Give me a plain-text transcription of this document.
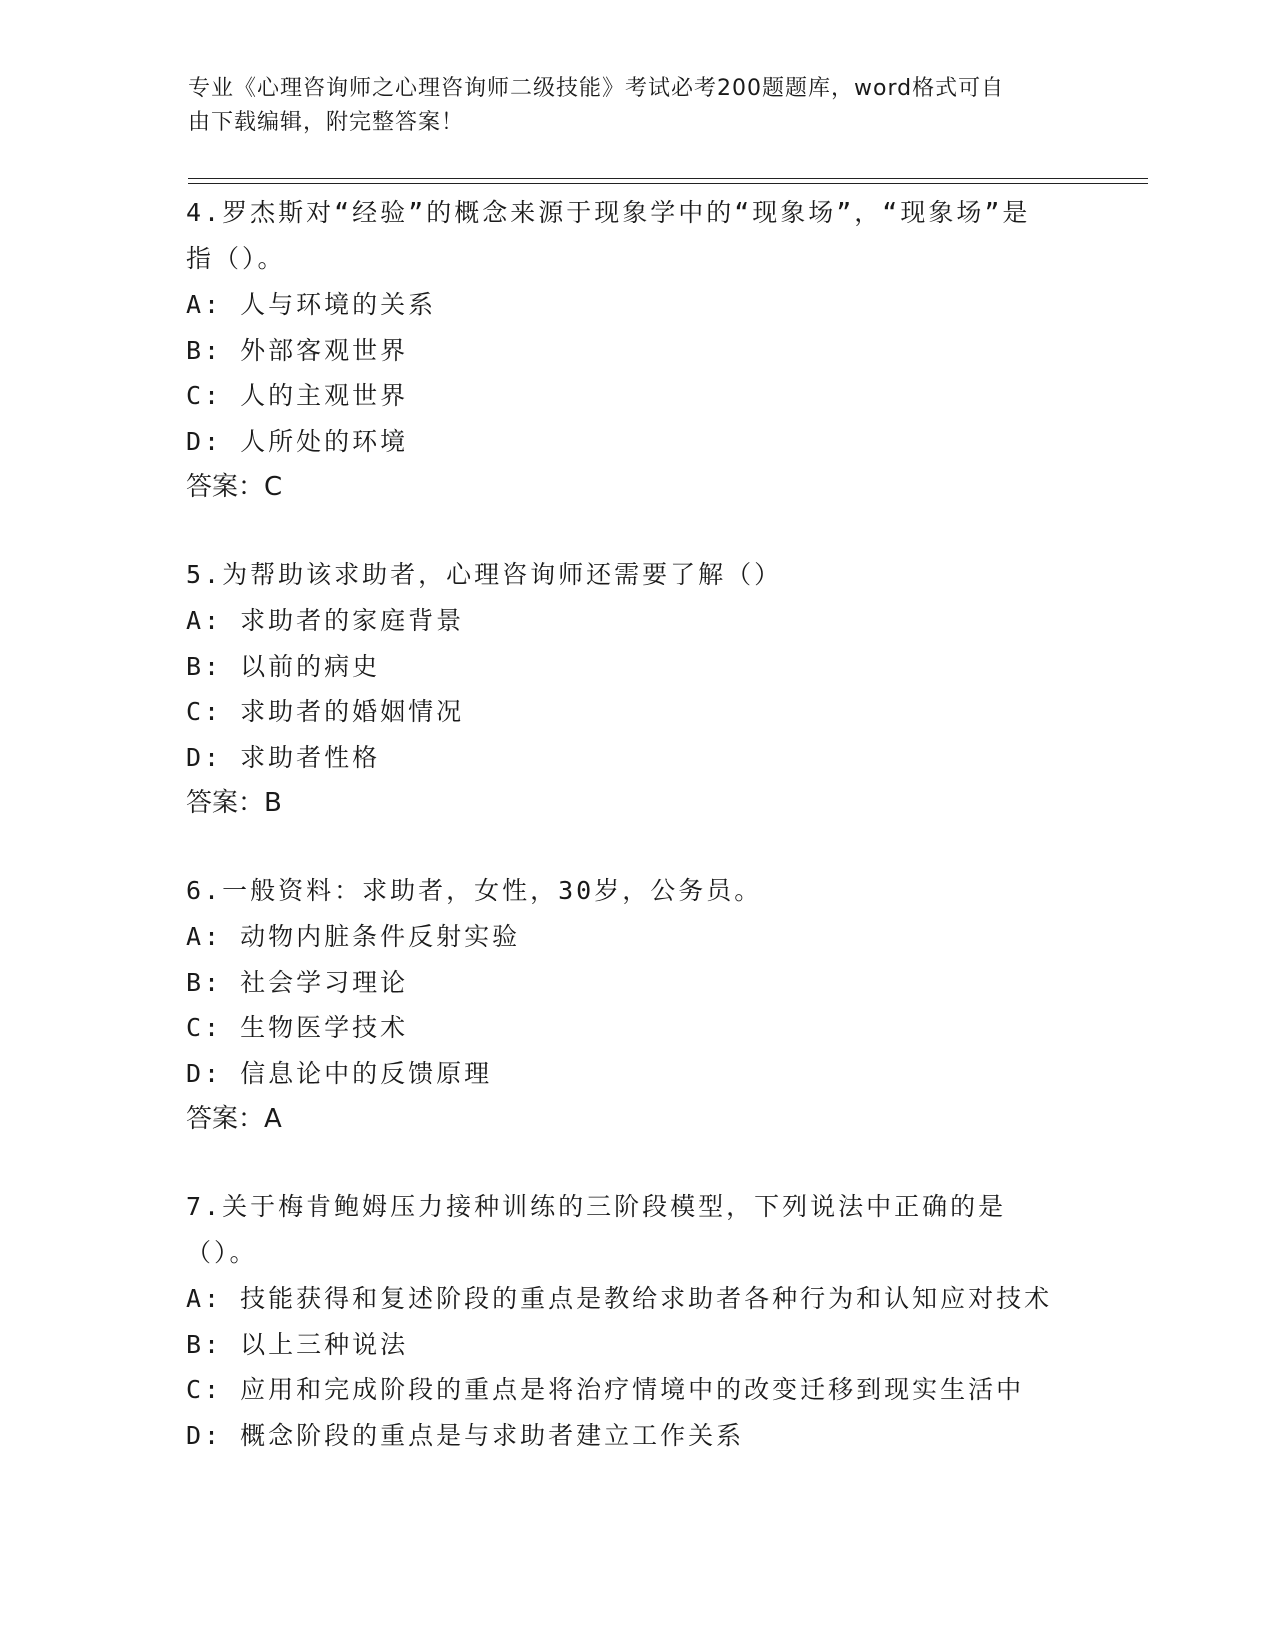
专业《心理咨询师之心理咨询师二级技能》考试必考200题题库，word格式可自
由下载编辑，附完整答案！
4.罗杰斯对“经验”的概念来源于现象学中的“现象场”，“现象场”是指（）。
A: 人与环境的关系
B: 外部客观世界
C: 人的主观世界
D: 人所处的环境
答案：C
5.为帮助该求助者，心理咨询师还需要了解（）
A: 求助者的家庭背景
B: 以前的病史
C: 求助者的婚姻情况
D: 求助者性格
答案：B
6.一般资料：求助者，女性，30岁，公务员。
A: 动物内脏条件反射实验
B: 社会学习理论
C: 生物医学技术
D: 信息论中的反馈原理
答案：A
7.关于梅肯鲍姆压力接种训练的三阶段模型，下列说法中正确的是（）。
A: 技能获得和复述阶段的重点是教给求助者各种行为和认知应对技术
B: 以上三种说法
C: 应用和完成阶段的重点是将治疗情境中的改变迁移到现实生活中
D: 概念阶段的重点是与求助者建立工作关系
